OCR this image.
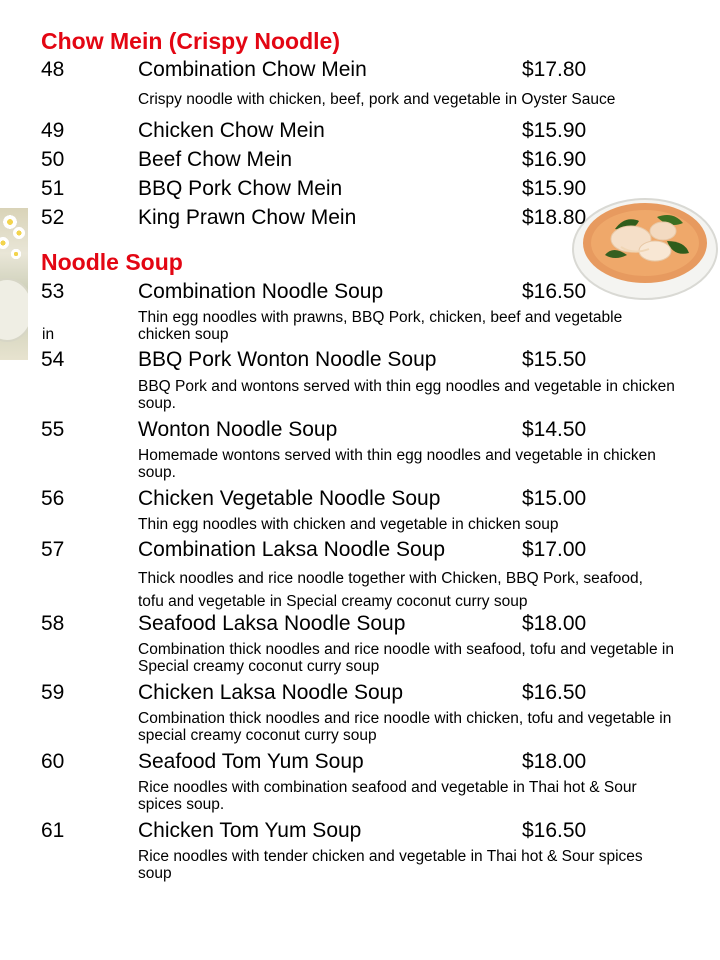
Chow Mein (Crispy Noodle)
48	Combination Chow Mein	$17.80
Crispy noodle with chicken, beef, pork and vegetable in Oyster Sauce
49	Chicken Chow Mein	$15.90
50	Beef Chow Mein	$16.90
51	BBQ Pork Chow Mein	$15.90
52	King Prawn Chow Mein	$18.80
Noodle Soup
53	Combination Noodle Soup	$16.50
Thin egg noodles with prawns, BBQ Pork, chicken, beef and vegetable chicken soup
in
54	BBQ Pork Wonton Noodle Soup	$15.50
BBQ Pork and wontons served with thin egg noodles and vegetable in chicken soup.
55	Wonton Noodle Soup	$14.50
Homemade wontons served with thin egg noodles and vegetable in chicken soup.
56	Chicken Vegetable Noodle Soup	$15.00
Thin egg noodles with chicken and vegetable in chicken soup
57	Combination Laksa Noodle Soup	$17.00
Thick noodles and rice noodle together with Chicken, BBQ Pork, seafood, tofu and vegetable in Special creamy coconut curry soup
58	Seafood Laksa Noodle Soup	$18.00
Combination thick noodles and rice noodle with seafood, tofu and vegetable in Special creamy coconut curry soup
59	Chicken Laksa Noodle Soup	$16.50
Combination thick noodles and rice noodle with chicken, tofu and vegetable in special creamy coconut curry soup
60	Seafood Tom Yum Soup	$18.00
Rice noodles with combination seafood and vegetable in Thai hot & Sour spices soup.
61	Chicken Tom Yum Soup	$16.50
Rice noodles with tender chicken and vegetable in Thai hot & Sour spices soup
